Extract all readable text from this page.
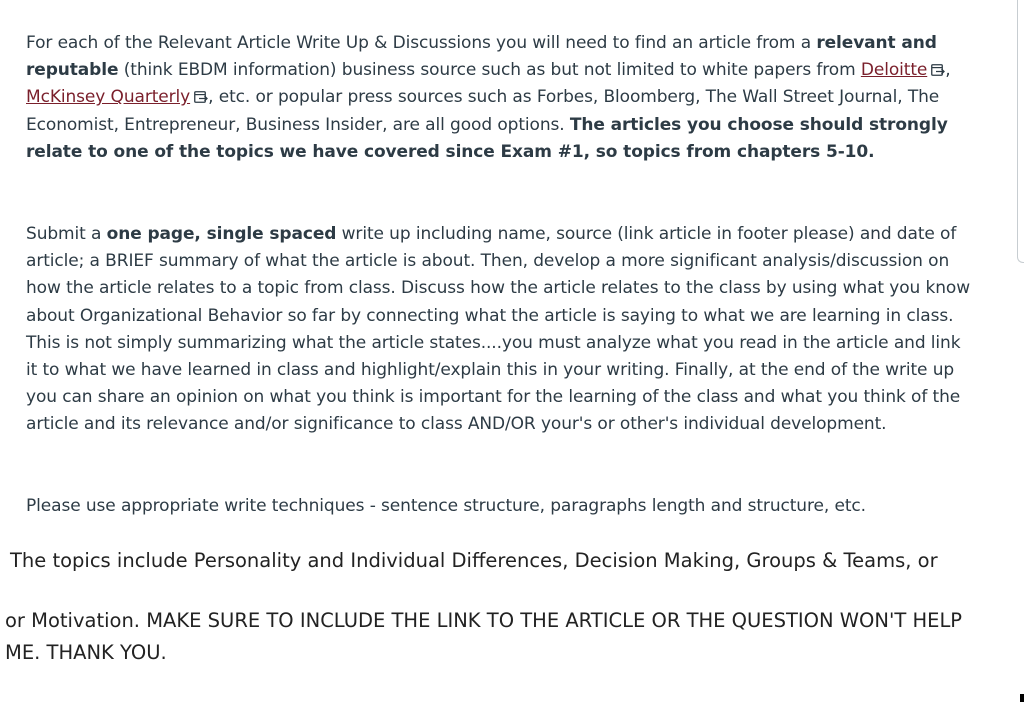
For each of the Relevant Article Write Up & Discussions you will need to find an article from a relevant and reputable (think EBDM information) business source such as but not limited to white papers from Deloitte , McKinsey Quarterly , etc. or popular press sources such as Forbes, Bloomberg, The Wall Street Journal, The Economist, Entrepreneur, Business Insider, are all good options. The articles you choose should strongly relate to one of the topics we have covered since Exam #1, so topics from chapters 5-10.

Submit a one page, single spaced write up including name, source (link article in footer please) and date of article; a BRIEF summary of what the article is about. Then, develop a more significant analysis/discussion on how the article relates to a topic from class. Discuss how the article relates to the class by using what you know about Organizational Behavior so far by connecting what the article is saying to what we are learning in class. This is not simply summarizing what the article states....you must analyze what you read in the article and link it to what we have learned in class and highlight/explain this in your writing. Finally, at the end of the write up you can share an opinion on what you think is important for the learning of the class and what you think of the article and its relevance and/or significance to class AND/OR your's or other's individual development.

Please use appropriate write techniques - sentence structure, paragraphs length and structure, etc.

The topics include Personality and Individual Differences, Decision Making, Groups & Teams, or

or Motivation. MAKE SURE TO INCLUDE THE LINK TO THE ARTICLE OR THE QUESTION WON'T HELP ME. THANK YOU.
